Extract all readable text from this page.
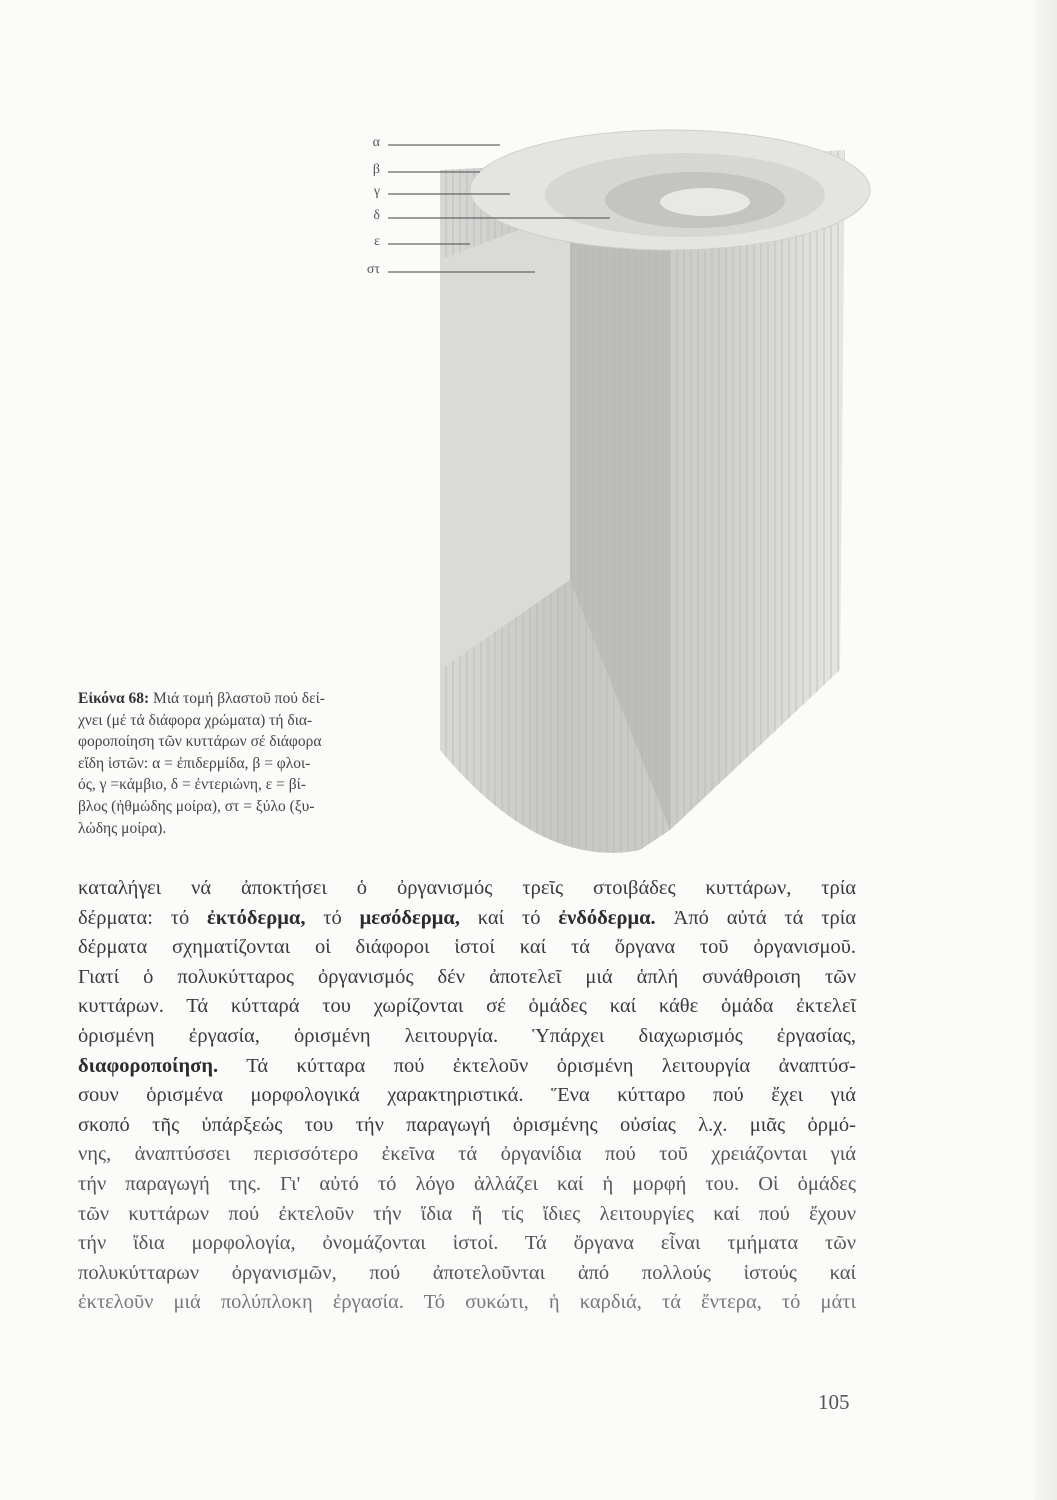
α
β
γ
δ
ε
στ
Εἰκόνα 68: Μιά τομή βλαστοῦ πού δεί-
χνει (μέ τά διάφορα χρώματα) τή δια-
φοροποίηση τῶν κυττάρων σέ διάφορα
εἴδη ἱστῶν: α = ἐπιδερμίδα, β = φλοι-
ός, γ =κάμβιο, δ = ἐντεριώνη, ε = βί-
βλος (ἠθμώδης μοίρα), στ = ξύλο (ξυ-
λώδης μοίρα).
καταλήγει νά ἀποκτήσει ὁ ὀργανισμός τρεῖς στοιβάδες κυττάρων, τρία
δέρματα: τό ἐκτόδερμα, τό μεσόδερμα, καί τό ἐνδόδερμα. Ἀπό αὐτά τά τρία
δέρματα σχηματίζονται οἱ διάφοροι ἱστοί καί τά ὄργανα τοῦ ὀργανισμοῦ.
Γιατί ὁ πολυκύτταρος ὀργανισμός δέν ἀποτελεῖ μιά ἁπλή συνάθροιση τῶν
κυττάρων. Τά κύτταρά του χωρίζονται σέ ὁμάδες καί κάθε ὁμάδα ἐκτελεῖ
ὁρισμένη ἐργασία, ὁρισμένη λειτουργία. Ὑπάρχει διαχωρισμός ἐργασίας,
διαφοροποίηση. Τά κύτταρα πού ἐκτελοῦν ὁρισμένη λειτουργία ἀναπτύσ-
σουν ὁρισμένα μορφολογικά χαρακτηριστικά. Ἕνα κύτταρο πού ἔχει γιά
σκοπό τῆς ὑπάρξεώς του τήν παραγωγή ὁρισμένης οὐσίας λ.χ. μιᾶς ὁρμό-
νης, ἀναπτύσσει περισσότερο ἐκεῖνα τά ὀργανίδια πού τοῦ χρειάζονται γιά
τήν παραγωγή της. Γι' αὐτό τό λόγο ἀλλάζει καί ἡ μορφή του. Οἱ ὁμάδες
τῶν κυττάρων πού ἐκτελοῦν τήν ἴδια ἤ τίς ἴδιες λειτουργίες καί πού ἔχουν
τήν ἴδια μορφολογία, ὀνομάζονται ἱστοί. Τά ὄργανα εἶναι τμήματα τῶν
πολυκύτταρων ὀργανισμῶν, πού ἀποτελοῦνται ἀπό πολλούς ἱστούς καί
ἐκτελοῦν μιά πολύπλοκη ἐργασία. Τό συκώτι, ἡ καρδιά, τά ἔντερα, τό μάτι
105
